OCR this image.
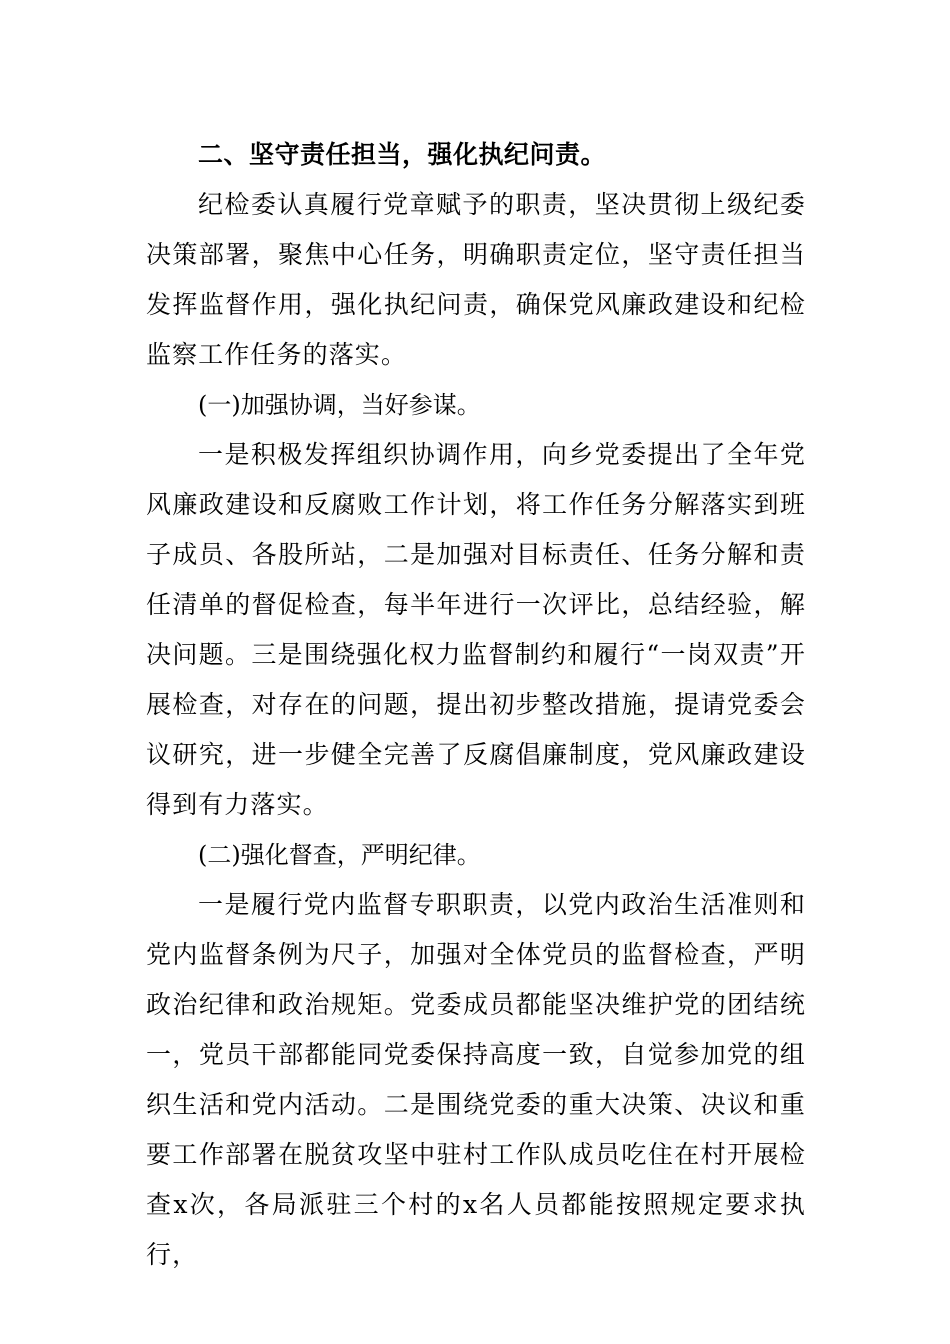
二、坚守责任担当，强化执纪问责。

纪检委认真履行党章赋予的职责，坚决贯彻上级纪委决策部署，聚焦中心任务，明确职责定位，坚守责任担当发挥监督作用，强化执纪问责，确保党风廉政建设和纪检监察工作任务的落实。

(一)加强协调，当好参谋。

一是积极发挥组织协调作用，向乡党委提出了全年党风廉政建设和反腐败工作计划，将工作任务分解落实到班子成员、各股所站，二是加强对目标责任、任务分解和责任清单的督促检查，每半年进行一次评比，总结经验，解决问题。三是围绕强化权力监督制约和履行“一岗双责”开展检查，对存在的问题，提出初步整改措施，提请党委会议研究，进一步健全完善了反腐倡廉制度，党风廉政建设得到有力落实。

(二)强化督查，严明纪律。

一是履行党内监督专职职责，以党内政治生活准则和党内监督条例为尺子，加强对全体党员的监督检查，严明政治纪律和政治规矩。党委成员都能坚决维护党的团结统一，党员干部都能同党委保持高度一致，自觉参加党的组织生活和党内活动。二是围绕党委的重大决策、决议和重要工作部署在脱贫攻坚中驻村工作队成员吃住在村开展检查x次，各局派驻三个村的x名人员都能按照规定要求执行，
